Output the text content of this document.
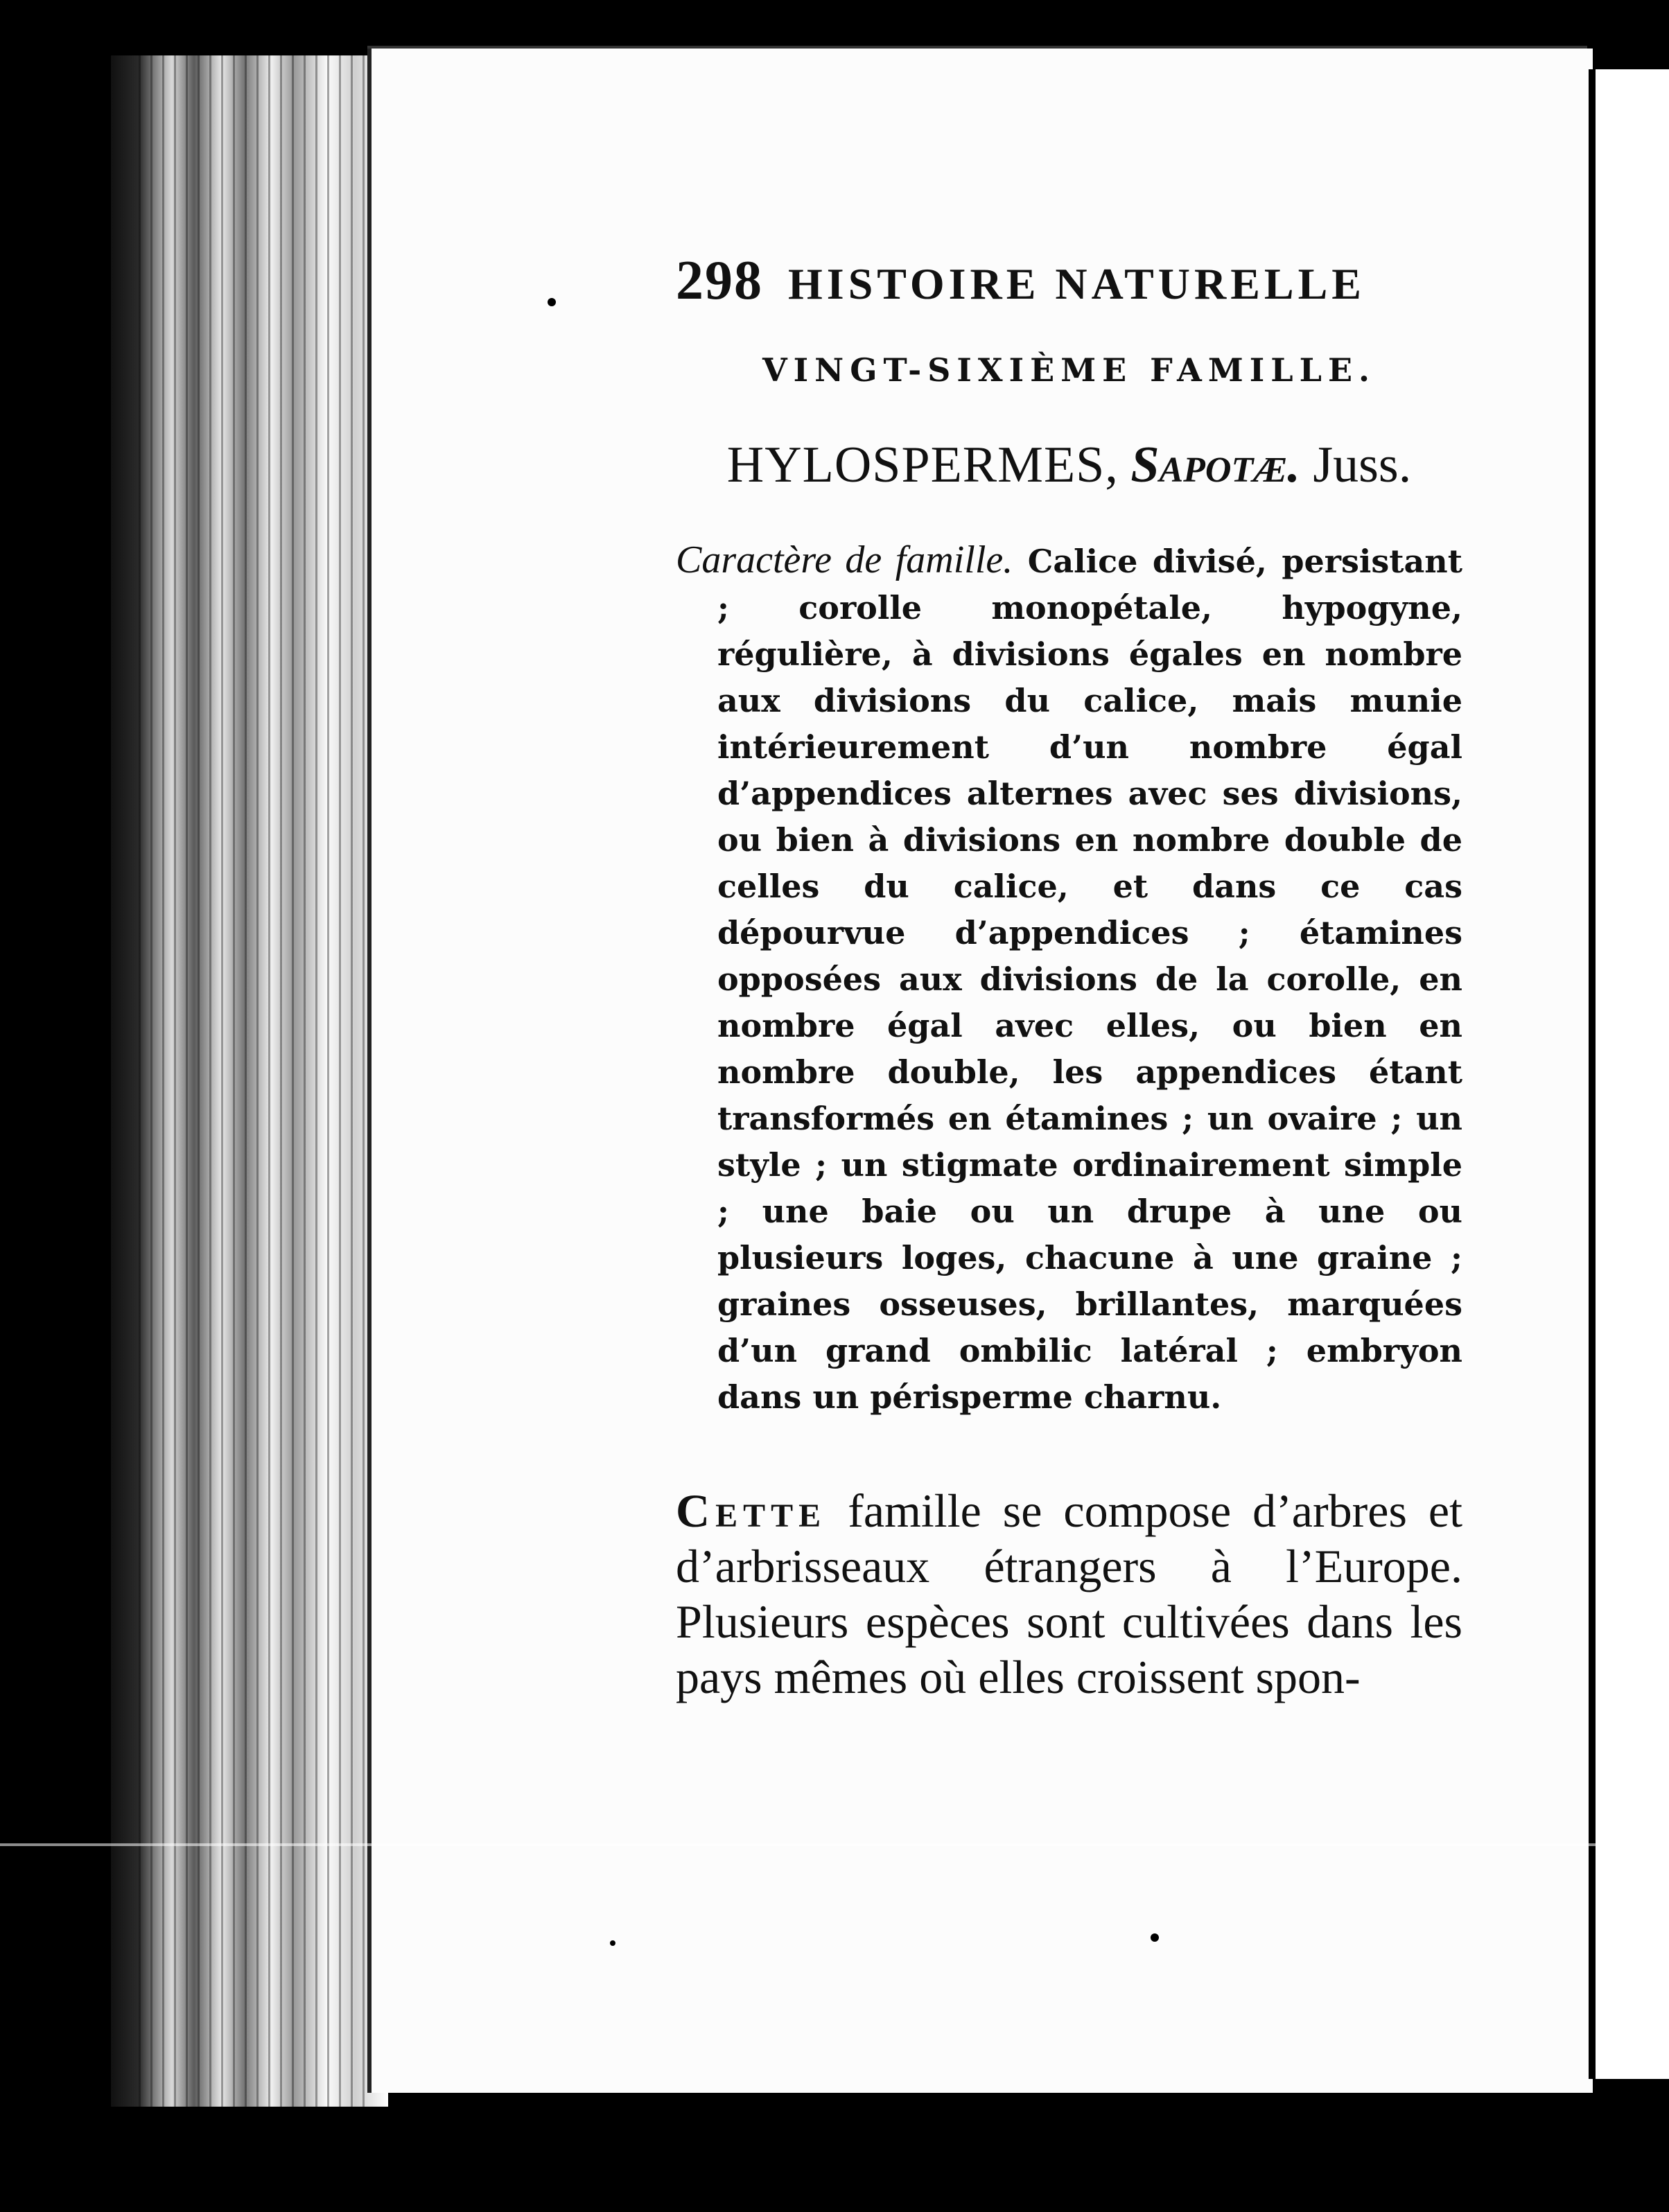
298 HISTOIRE NATURELLE
VINGT-SIXIÈME FAMILLE.
HYLOSPERMES, Sapotæ. Juss.
Caractère de famille. Calice divisé, persistant ; corolle monopétale, hypogyne, régulière, à divisions égales en nombre aux divisions du calice, mais munie intérieurement d’un nombre égal d’appendices alternes avec ses divisions, ou bien à divisions en nombre double de celles du calice, et dans ce cas dépourvue d’appendices ; étamines opposées aux divisions de la corolle, en nombre égal avec elles, ou bien en nombre double, les appendices étant transformés en étamines ; un ovaire ; un style ; un stigmate ordinairement simple ; une baie ou un drupe à une ou plusieurs loges, chacune à une graine ; graines osseuses, brillantes, marquées d’un grand ombilic latéral ; embryon dans un périsperme charnu.
Cette famille se compose d’arbres et d’arbrisseaux étrangers à l’Europe. Plusieurs espèces sont cultivées dans les pays mêmes où elles croissent spon-
